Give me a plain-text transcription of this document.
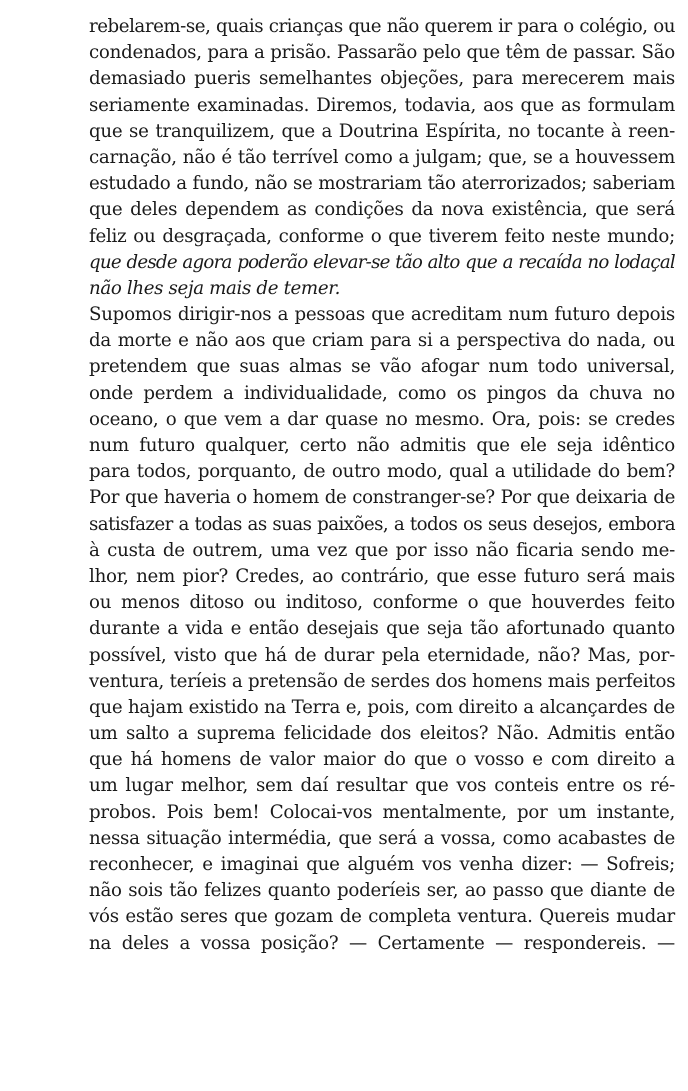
rebelarem-se, quais crianças que não querem ir para o colégio, ou
condenados, para a prisão. Passarão pelo que têm de passar. São
demasiado pueris semelhantes objeções, para merecerem mais
seriamente examinadas. Diremos, todavia, aos que as formulam
que se tranquilizem, que a Doutrina Espírita, no tocante à reen-
carnação, não é tão terrível como a julgam; que, se a houvessem
estudado a fundo, não se mostrariam tão aterrorizados; saberiam
que deles dependem as condições da nova existência, que será
feliz ou desgraçada, conforme o que tiverem feito neste mundo;
que desde agora poderão elevar-se tão alto que a recaída no lodaçal
não lhes seja mais de temer.
Supomos dirigir-nos a pessoas que acreditam num futuro depois
da morte e não aos que criam para si a perspectiva do nada, ou
pretendem que suas almas se vão afogar num todo universal,
onde perdem a individualidade, como os pingos da chuva no
oceano, o que vem a dar quase no mesmo. Ora, pois: se credes
num futuro qualquer, certo não admitis que ele seja idêntico
para todos, porquanto, de outro modo, qual a utilidade do bem?
Por que haveria o homem de constranger-se? Por que deixaria de
satisfazer a todas as suas paixões, a todos os seus desejos, embora
à custa de outrem, uma vez que por isso não ficaria sendo me-
lhor, nem pior? Credes, ao contrário, que esse futuro será mais
ou menos ditoso ou inditoso, conforme o que houverdes feito
durante a vida e então desejais que seja tão afortunado quanto
possível, visto que há de durar pela eternidade, não? Mas, por-
ventura, teríeis a pretensão de serdes dos homens mais perfeitos
que hajam existido na Terra e, pois, com direito a alcançardes de
um salto a suprema felicidade dos eleitos? Não. Admitis então
que há homens de valor maior do que o vosso e com direito a
um lugar melhor, sem daí resultar que vos conteis entre os ré-
probos. Pois bem! Colocai-vos mentalmente, por um instante,
nessa situação intermédia, que será a vossa, como acabastes de
reconhecer, e imaginai que alguém vos venha dizer: — Sofreis;
não sois tão felizes quanto poderíeis ser, ao passo que diante de
vós estão seres que gozam de completa ventura. Quereis mudar
na deles a vossa posição? — Certamente — respondereis. —
